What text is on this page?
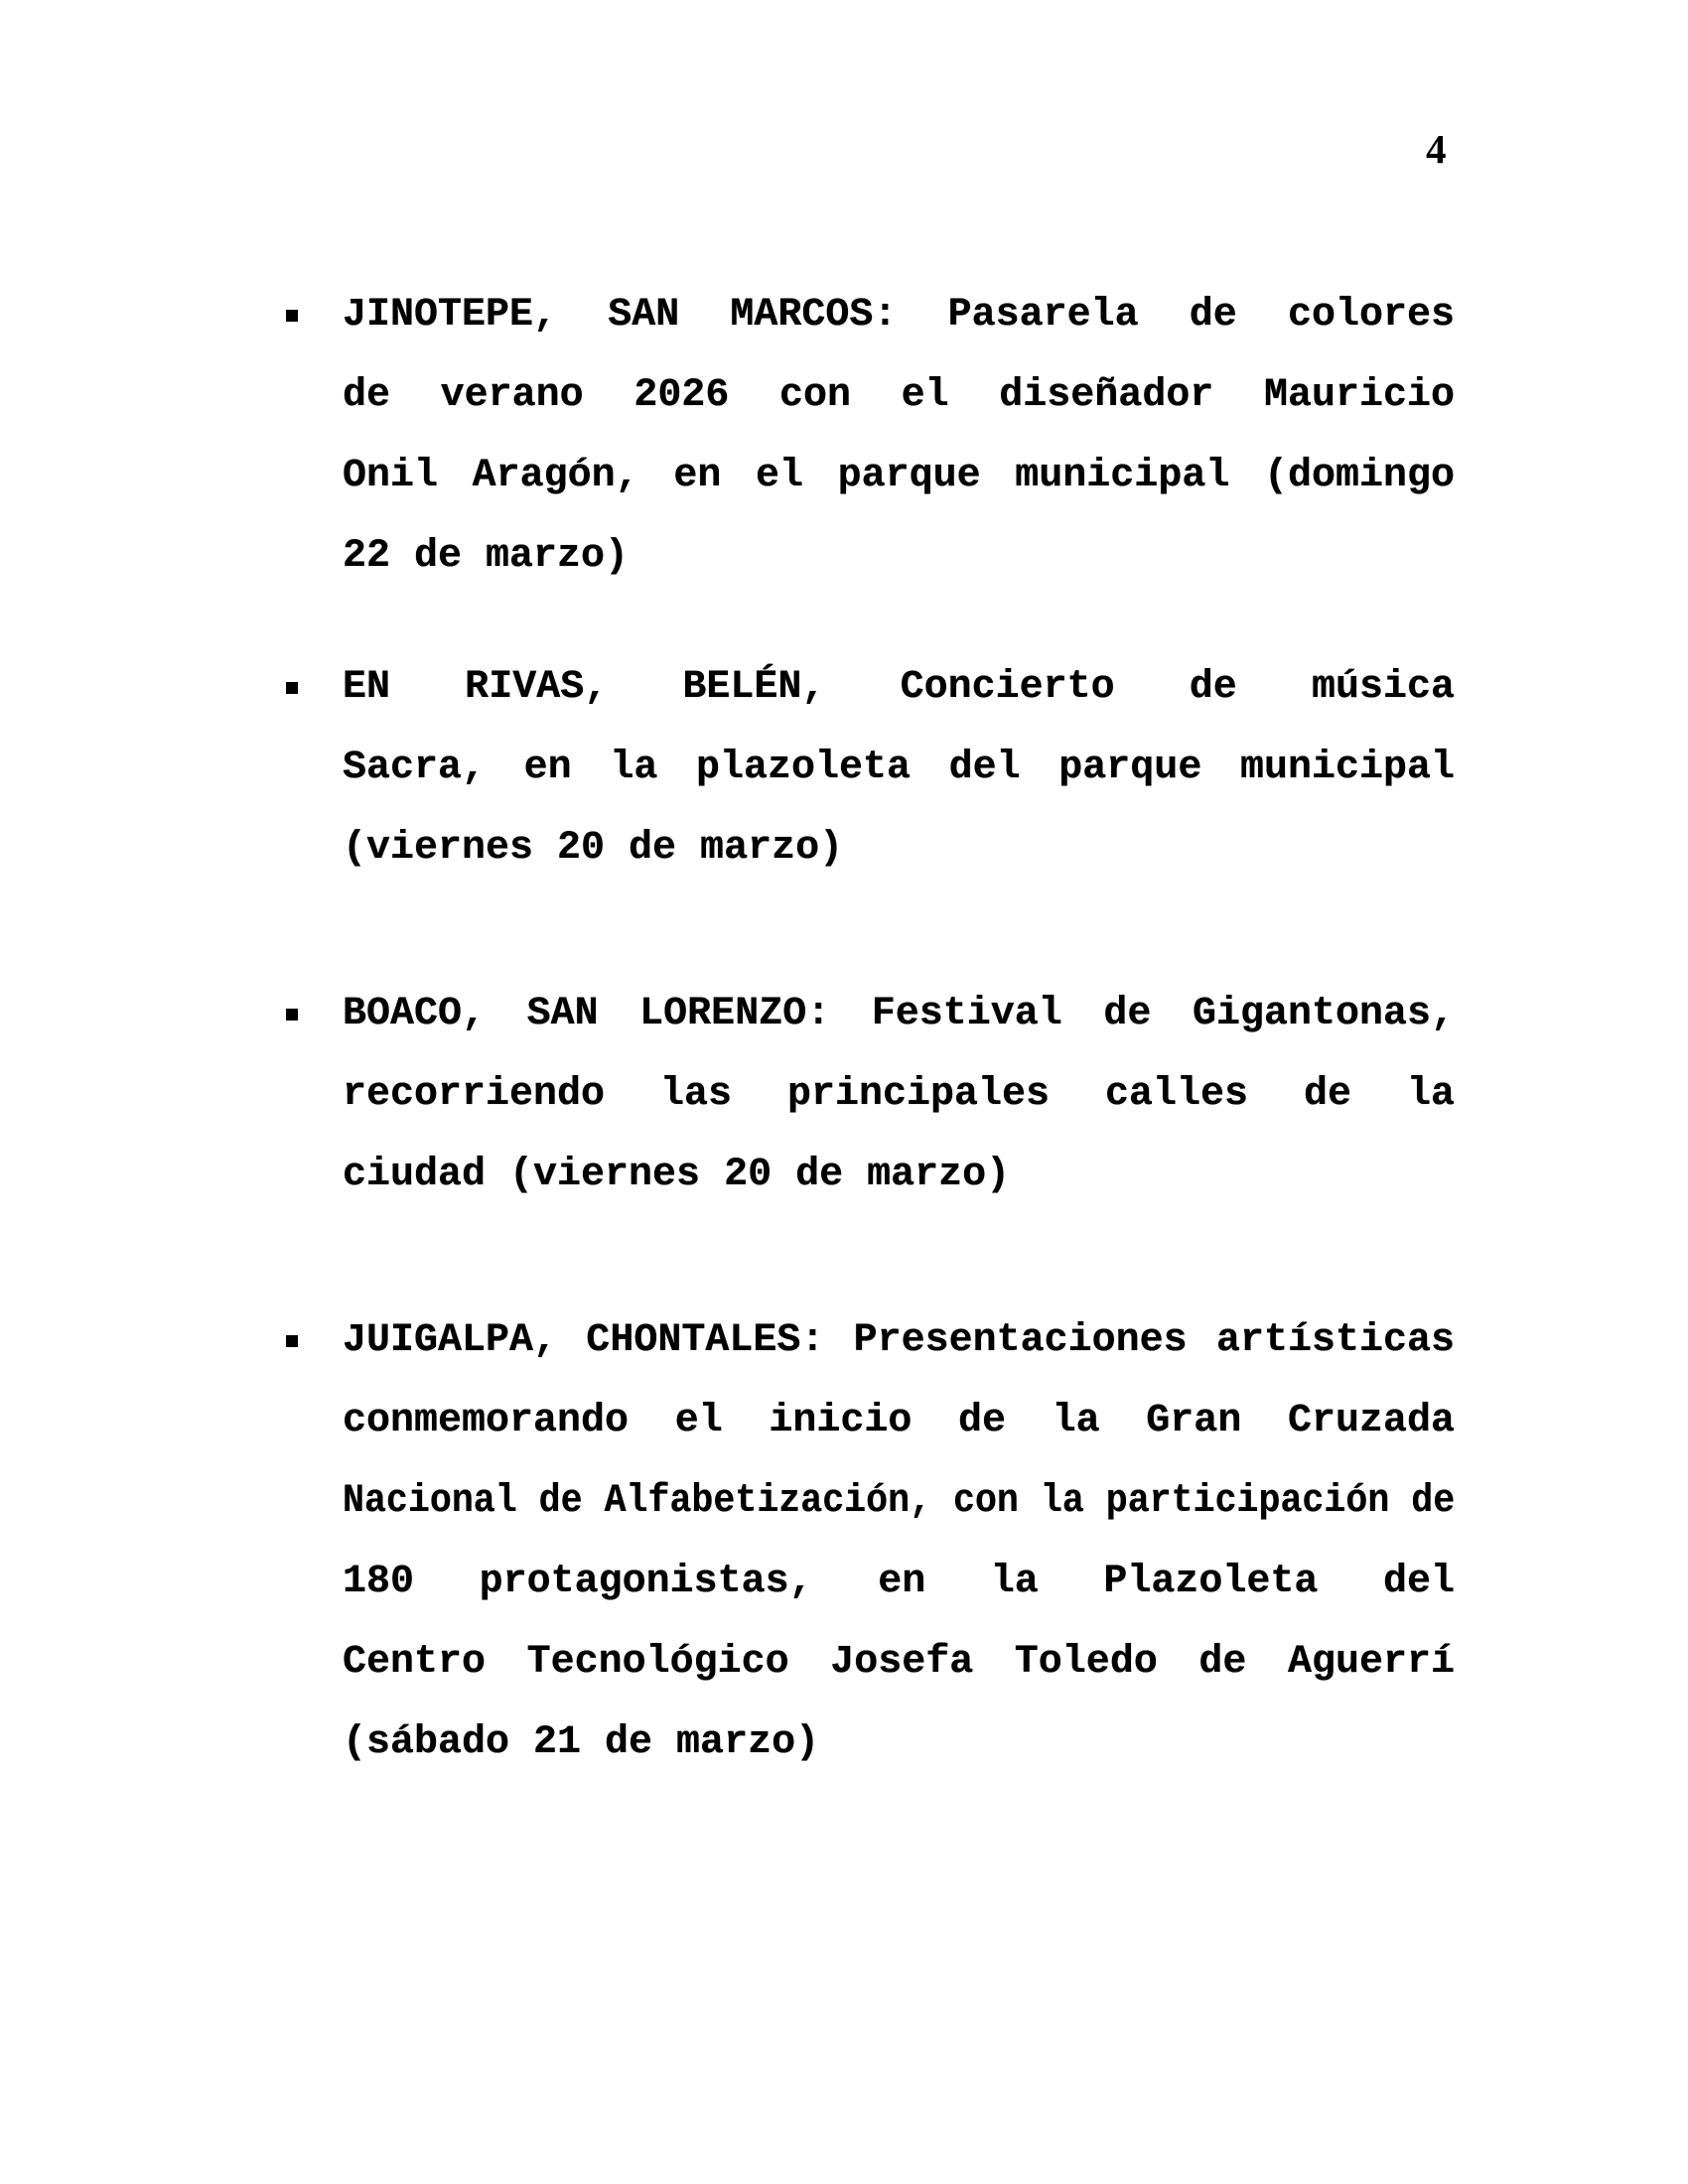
4
JINOTEPE, SAN MARCOS: Pasarela de colores
de verano 2026 con el diseñador Mauricio
Onil Aragón, en el parque municipal (domingo
22 de marzo)
EN RIVAS, BELÉN, Concierto de música
Sacra, en la plazoleta del parque municipal
(viernes 20 de marzo)
BOACO, SAN LORENZO: Festival de Gigantonas,
recorriendo las principales calles de la
ciudad (viernes 20 de marzo)
JUIGALPA, CHONTALES: Presentaciones artísticas
conmemorando el inicio de la Gran Cruzada
Nacional de Alfabetización, con la participación de
180 protagonistas, en la Plazoleta del
Centro Tecnológico Josefa Toledo de Aguerrí
(sábado 21 de marzo)
